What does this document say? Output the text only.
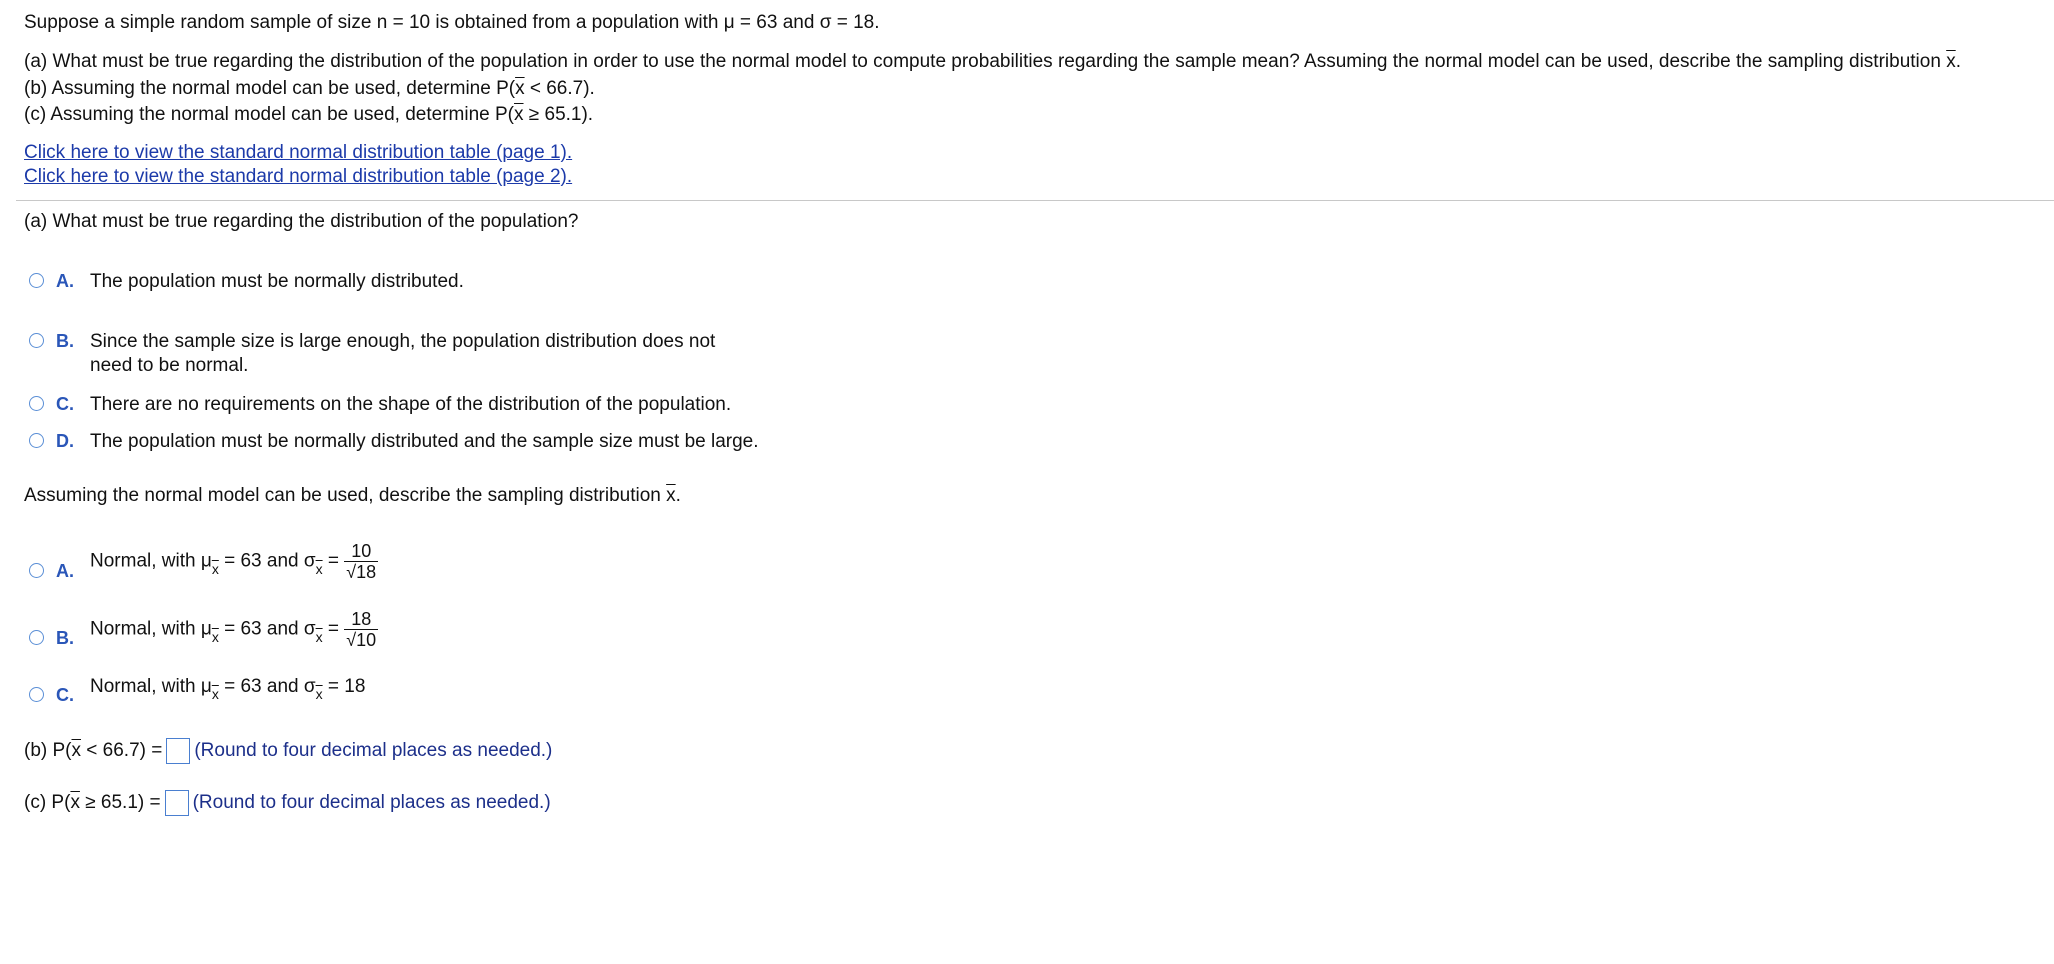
Suppose a simple random sample of size n = 10 is obtained from a population with μ = 63 and σ = 18.
(a) What must be true regarding the distribution of the population in order to use the normal model to compute probabilities regarding the sample mean? Assuming the normal model can be used, describe the sampling distribution $\overline{x}$.
(b) Assuming the normal model can be used, determine $P(\overline{x} < 66.7)$.
(c) Assuming the normal model can be used, determine $P(\overline{x} \ge 65.1)$.
Click here to view the standard normal distribution table (page 1).
Click here to view the standard normal distribution table (page 2).
(a) What must be true regarding the distribution of the population?
A. The population must be normally distributed.
B. Since the sample size is large enough, the population distribution does not
need to be normal.
C. There are no requirements on the shape of the distribution of the population.
D. The population must be normally distributed and the sample size must be large.
Assuming the normal model can be used, describe the sampling distribution $\overline{x}$.
A. Normal, with $\mu_{\overline{x}} = 63$ and $\sigma_{\overline{x}} = \frac{10}{√18}$
B. Normal, with $\mu_{\overline{x}} = 63$ and $\sigma_{\overline{x}} = \frac{18}{√10}$
C. Normal, with $\mu_{\overline{x}} = 63$ and $\sigma_{\overline{x}} = 18$
(b) $P(\overline{x} < 66.7)$ = (Round to four decimal places as needed.)
(c) $P(\overline{x} \ge 65.1)$ = (Round to four decimal places as needed.)
